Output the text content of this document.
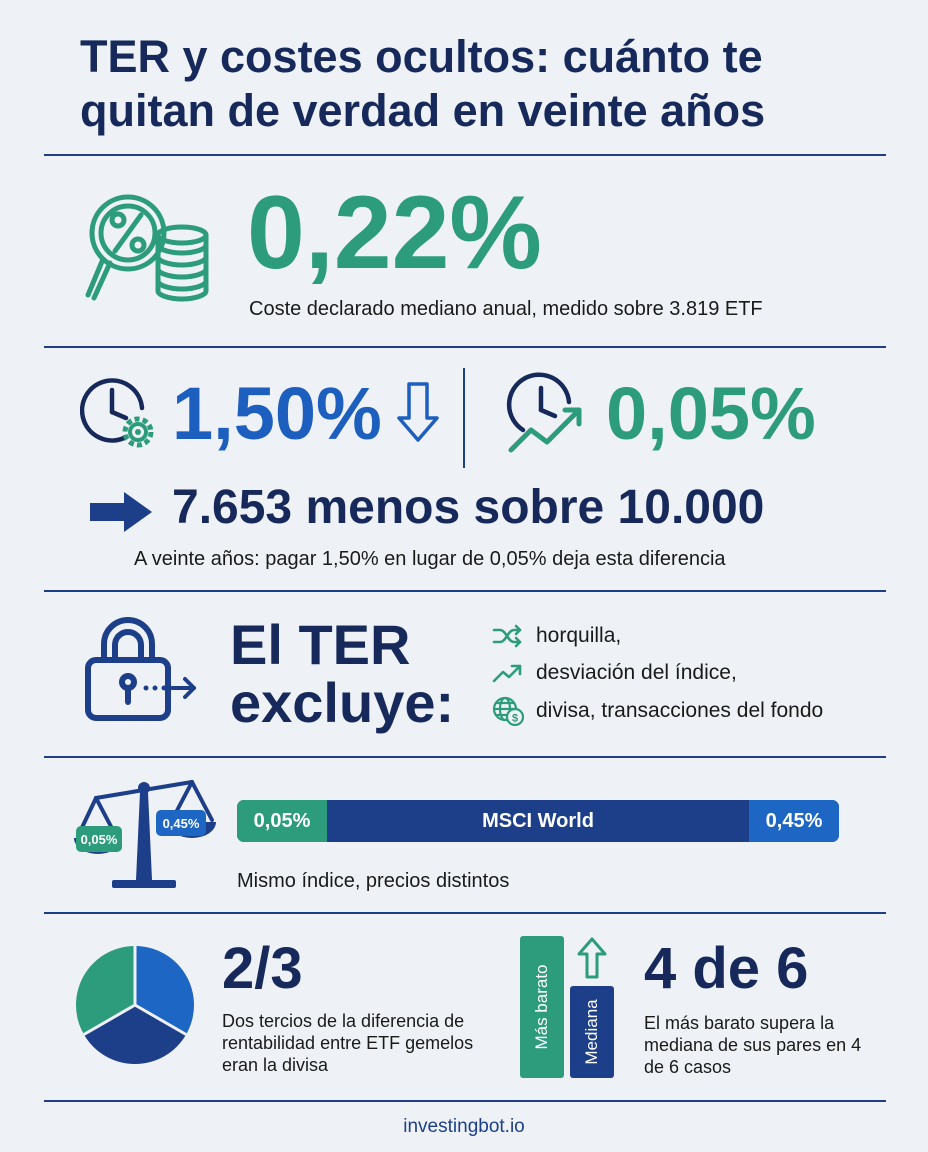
TER y costes ocultos: cuánto te
quitan de verdad en veinte años
0,22%
Coste declarado mediano anual, medido sobre 3.819 ETF
1,50%	0,05%
7.653 menos sobre 10.000
A veinte años: pagar 1,50% en lugar de 0,05% deja esta diferencia
El TER
excluye:
horquilla,
desviación del índice,
$ divisa, transacciones del fondo
0,05%
0,45%	0,05%	MSCI World	0,45%
Mismo índice, precios distintos
2/3
Dos tercios de la diferencia de rentabilidad entre ETF gemelos eran la divisa
Más barato Mediana
4 de 6
El más barato supera la mediana de sus pares en 4 de 6 casos
investingbot.io
